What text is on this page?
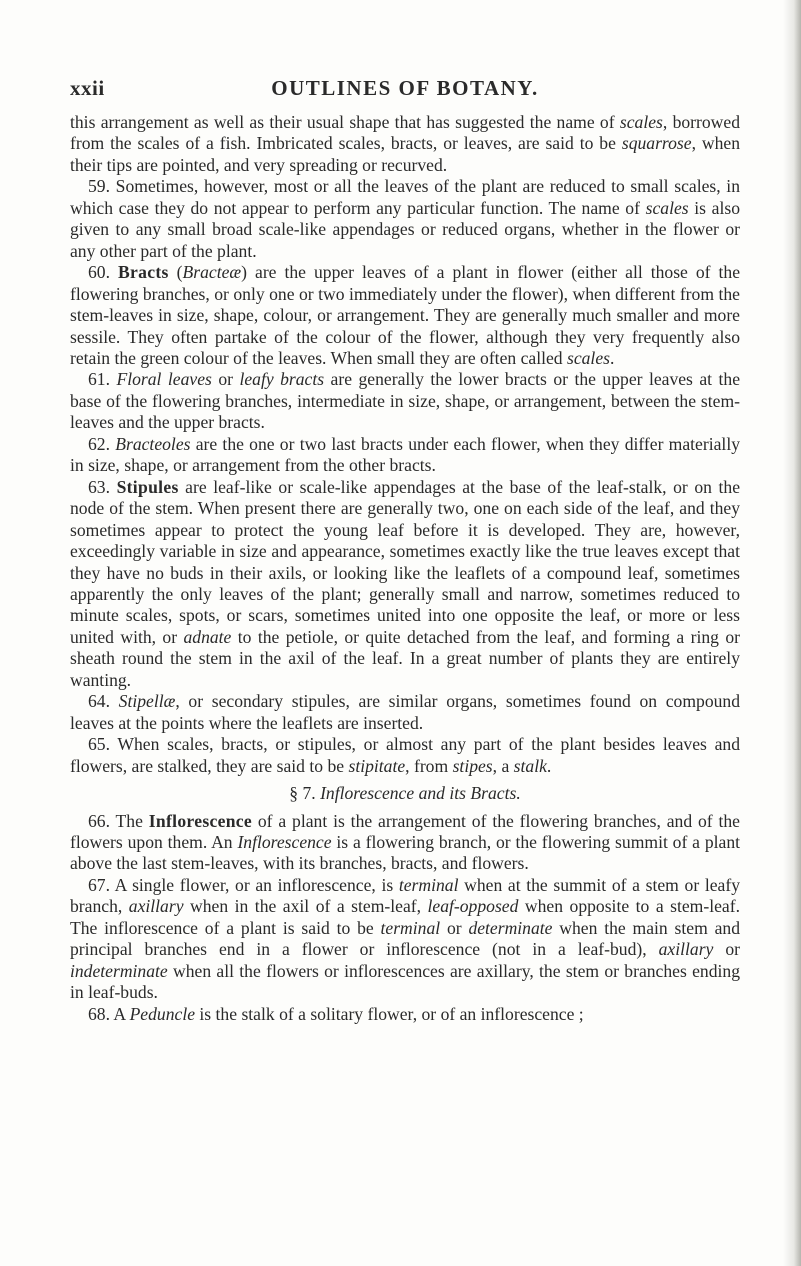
xxii	OUTLINES OF BOTANY.

this arrangement as well as their usual shape that has suggested the name of scales, borrowed from the scales of a fish. Imbricated scales, bracts, or leaves, are said to be squarrose, when their tips are pointed, and very spreading or recurved.

59. Sometimes, however, most or all the leaves of the plant are reduced to small scales, in which case they do not appear to perform any particular function. The name of scales is also given to any small broad scale-like appendages or reduced organs, whether in the flower or any other part of the plant.

60. Bracts (Bracteæ) are the upper leaves of a plant in flower (either all those of the flowering branches, or only one or two immediately under the flower), when different from the stem-leaves in size, shape, colour, or arrangement. They are generally much smaller and more sessile. They often partake of the colour of the flower, although they very frequently also retain the green colour of the leaves. When small they are often called scales.

61. Floral leaves or leafy bracts are generally the lower bracts or the upper leaves at the base of the flowering branches, intermediate in size, shape, or arrangement, between the stem-leaves and the upper bracts.

62. Bracteoles are the one or two last bracts under each flower, when they differ materially in size, shape, or arrangement from the other bracts.

63. Stipules are leaf-like or scale-like appendages at the base of the leaf-stalk, or on the node of the stem. When present there are generally two, one on each side of the leaf, and they sometimes appear to protect the young leaf before it is developed. They are, however, exceedingly variable in size and appearance, sometimes exactly like the true leaves except that they have no buds in their axils, or looking like the leaflets of a compound leaf, sometimes apparently the only leaves of the plant; generally small and narrow, sometimes reduced to minute scales, spots, or scars, sometimes united into one opposite the leaf, or more or less united with, or adnate to the petiole, or quite detached from the leaf, and forming a ring or sheath round the stem in the axil of the leaf. In a great number of plants they are entirely wanting.

64. Stipellæ, or secondary stipules, are similar organs, sometimes found on compound leaves at the points where the leaflets are inserted.

65. When scales, bracts, or stipules, or almost any part of the plant besides leaves and flowers, are stalked, they are said to be stipitate, from stipes, a stalk.

§ 7. Inflorescence and its Bracts.

66. The Inflorescence of a plant is the arrangement of the flowering branches, and of the flowers upon them. An Inflorescence is a flowering branch, or the flowering summit of a plant above the last stem-leaves, with its branches, bracts, and flowers.

67. A single flower, or an inflorescence, is terminal when at the summit of a stem or leafy branch, axillary when in the axil of a stem-leaf, leaf-opposed when opposite to a stem-leaf. The inflorescence of a plant is said to be terminal or determinate when the main stem and principal branches end in a flower or inflorescence (not in a leaf-bud), axillary or indeterminate when all the flowers or inflorescences are axillary, the stem or branches ending in leaf-buds.

68. A Peduncle is the stalk of a solitary flower, or of an inflorescence ;
